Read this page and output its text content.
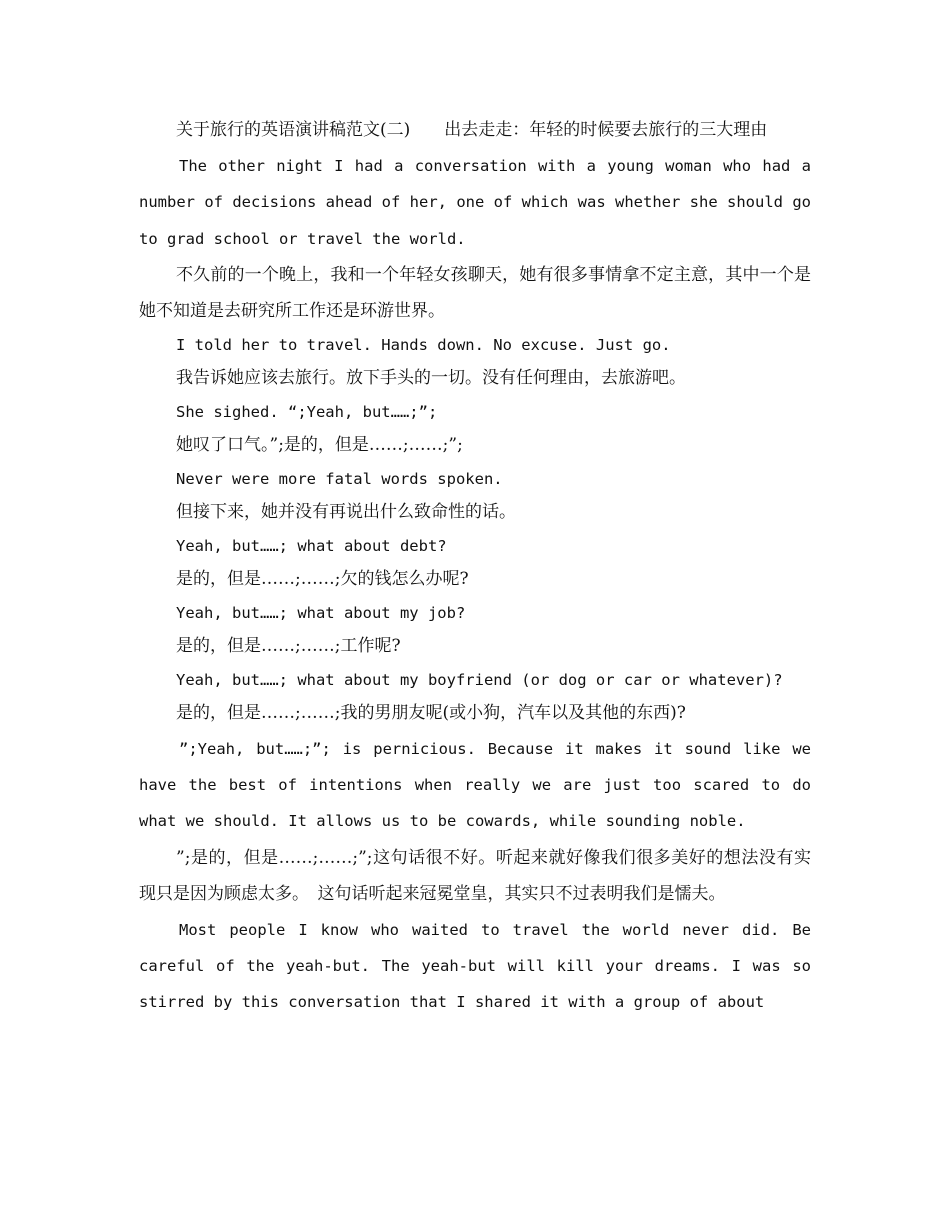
关于旅行的英语演讲稿范文(二)　　出去走走：年轻的时候要去旅行的三大理由

The other night I had a conversation with a young woman who had a number of decisions ahead of her, one of which was whether she should go to grad school or travel the world.

不久前的一个晚上，我和一个年轻女孩聊天，她有很多事情拿不定主意，其中一个是她不知道是去研究所工作还是环游世界。

I told her to travel. Hands down. No excuse. Just go.

我告诉她应该去旅行。放下手头的一切。没有任何理由，去旅游吧。

She sighed. “;Yeah, but……;”;

她叹了口气。”;是的，但是……;……;”;

Never were more fatal words spoken.

但接下来，她并没有再说出什么致命性的话。

Yeah, but……; what about debt?

是的，但是……;……;欠的钱怎么办呢?

Yeah, but……; what about my job?

是的，但是……;……;工作呢?

Yeah, but……; what about my boyfriend (or dog or car or whatever)?

是的，但是……;……;我的男朋友呢(或小狗，汽车以及其他的东西)?

”;Yeah, but……;”; is pernicious. Because it makes it sound like we have the best of intentions when really we are just too scared to do what we should. It allows us to be cowards, while sounding noble.

”;是的，但是……;……;”;这句话很不好。听起来就好像我们很多美好的想法没有实现只是因为顾虑太多。　这句话听起来冠冕堂皇，其实只不过表明我们是懦夫。

Most people I know who waited to travel the world never did. Be careful of the yeah-but. The yeah-but will kill your dreams. I was so stirred by this conversation that I shared it with a group of about
